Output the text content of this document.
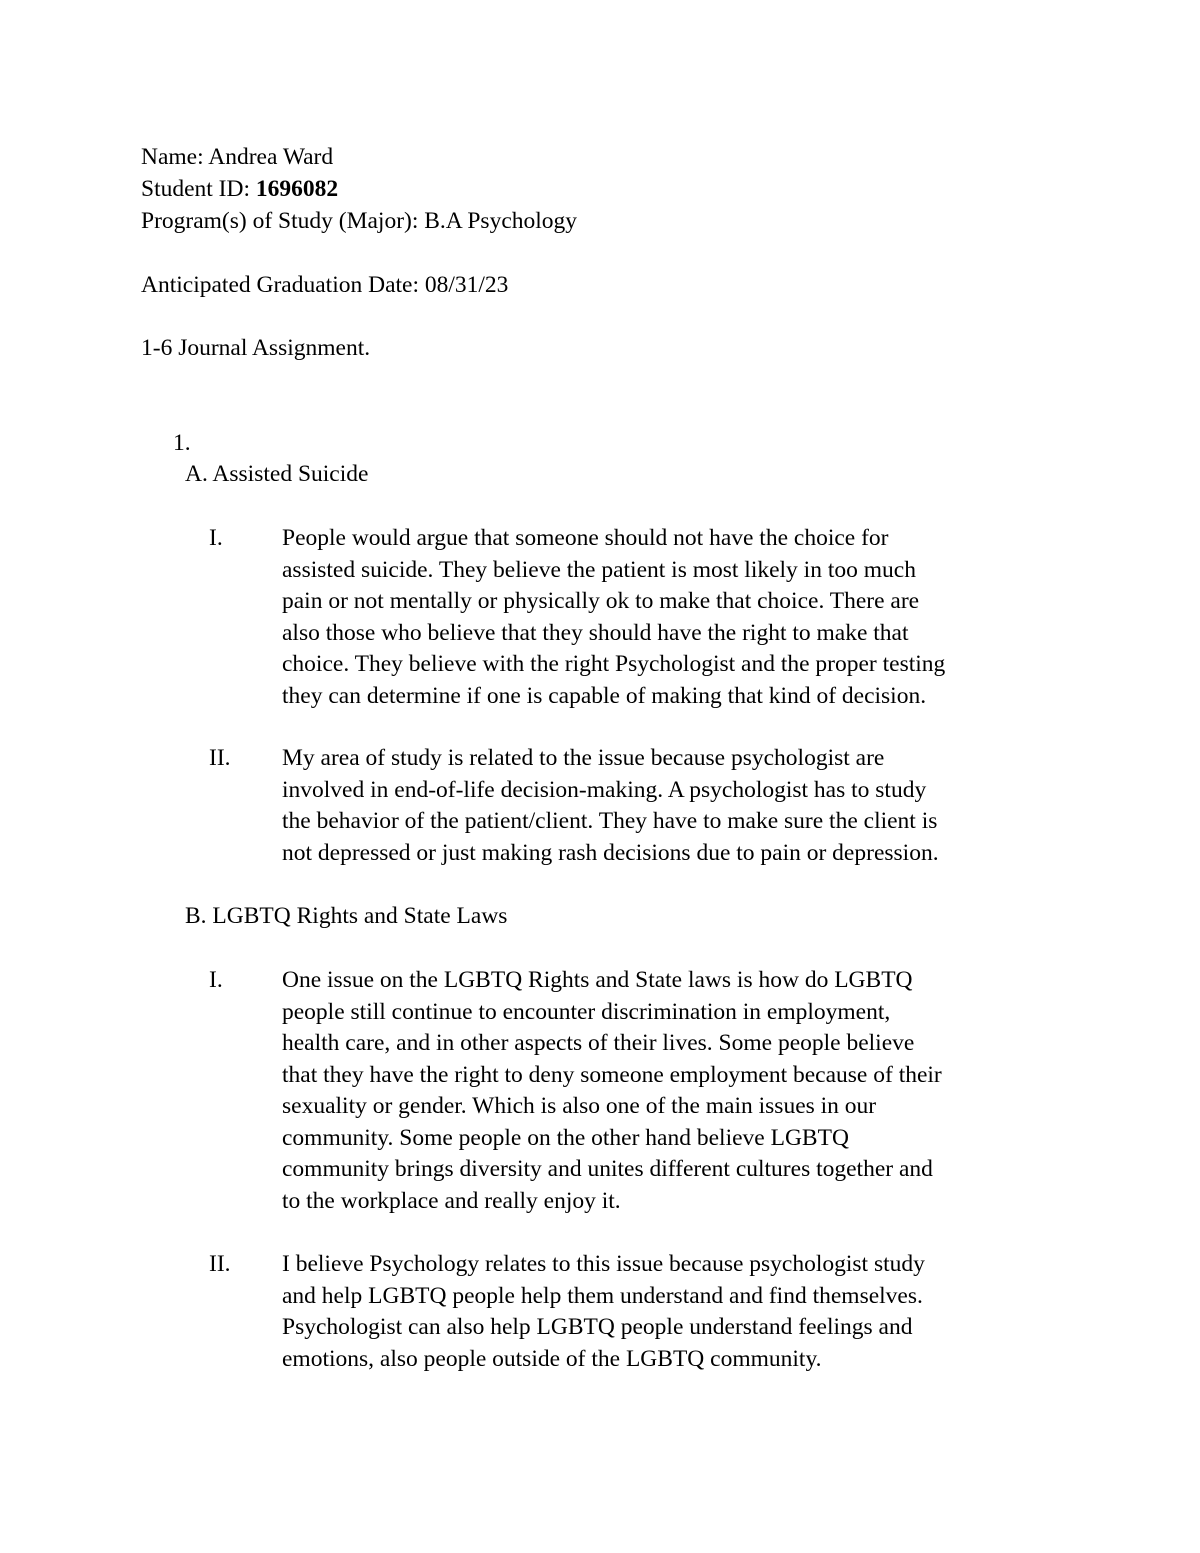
Name: Andrea Ward
Student ID: 1696082
Program(s) of Study (Major): B.A Psychology
Anticipated Graduation Date: 08/31/23
1-6 Journal Assignment.
1.
A. Assisted Suicide
I.	People would argue that someone should not have the choice for
assisted suicide. They believe the patient is most likely in too much
pain or not mentally or physically ok to make that choice. There are
also those who believe that they should have the right to make that
choice. They believe with the right Psychologist and the proper testing
they can determine if one is capable of making that kind of decision.
II. My area of study is related to the issue because psychologist are
involved in end-of-life decision-making. A psychologist has to study
the behavior of the patient/client. They have to make sure the client is
not depressed or just making rash decisions due to pain or depression.
B. LGBTQ Rights and State Laws
I.	One issue on the LGBTQ Rights and State laws is how do LGBTQ
people still continue to encounter discrimination in employment,
health care, and in other aspects of their lives. Some people believe
that they have the right to deny someone employment because of their
sexuality or gender. Which is also one of the main issues in our
community. Some people on the other hand believe LGBTQ
community brings diversity and unites different cultures together and
to the workplace and really enjoy it.
II. I believe Psychology relates to this issue because psychologist study
and help LGBTQ people help them understand and find themselves.
Psychologist can also help LGBTQ people understand feelings and
emotions, also people outside of the LGBTQ community.
